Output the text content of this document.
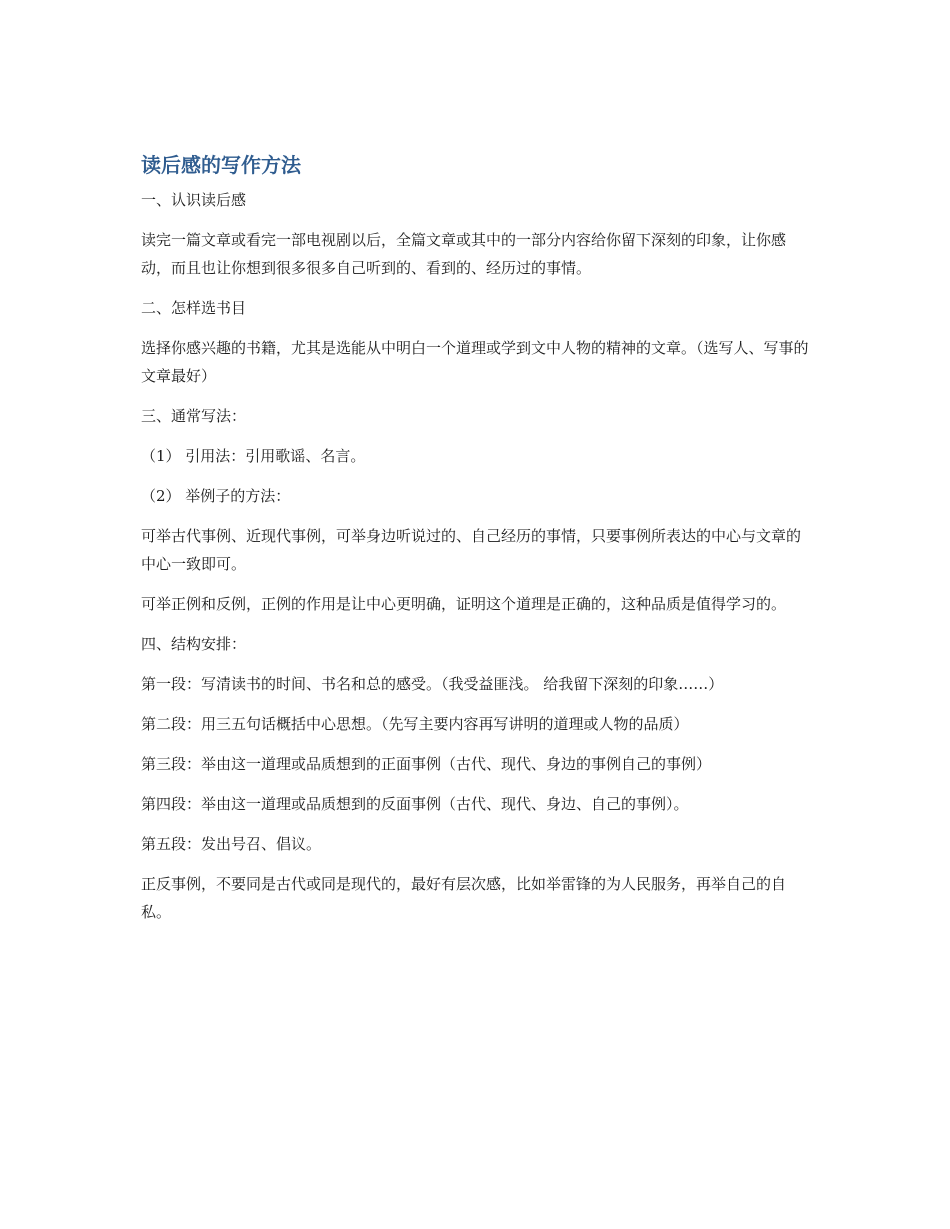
读后感的写作方法

一、认识读后感

读完一篇文章或看完一部电视剧以后，全篇文章或其中的一部分内容给你留下深刻的印象，让你感动，而且也让你想到很多很多自己听到的、看到的、经历过的事情。

二、怎样选书目

选择你感兴趣的书籍，尤其是选能从中明白一个道理或学到文中人物的精神的文章。（选写人、写事的文章最好）

三、通常写法：

（1） 引用法：引用歌谣、名言。

（2） 举例子的方法：

可举古代事例、近现代事例，可举身边听说过的、自己经历的事情，只要事例所表达的中心与文章的中心一致即可。

可举正例和反例，正例的作用是让中心更明确，证明这个道理是正确的，这种品质是值得学习的。

四、结构安排：

第一段：写清读书的时间、书名和总的感受。（我受益匪浅。 给我留下深刻的印象……）

第二段：用三五句话概括中心思想。（先写主要内容再写讲明的道理或人物的品质）

第三段：举由这一道理或品质想到的正面事例（古代、现代、身边的事例自己的事例）

第四段：举由这一道理或品质想到的反面事例（古代、现代、身边、自己的事例）。

第五段：发出号召、倡议。

正反事例，不要同是古代或同是现代的，最好有层次感，比如举雷锋的为人民服务，再举自己的自私。
